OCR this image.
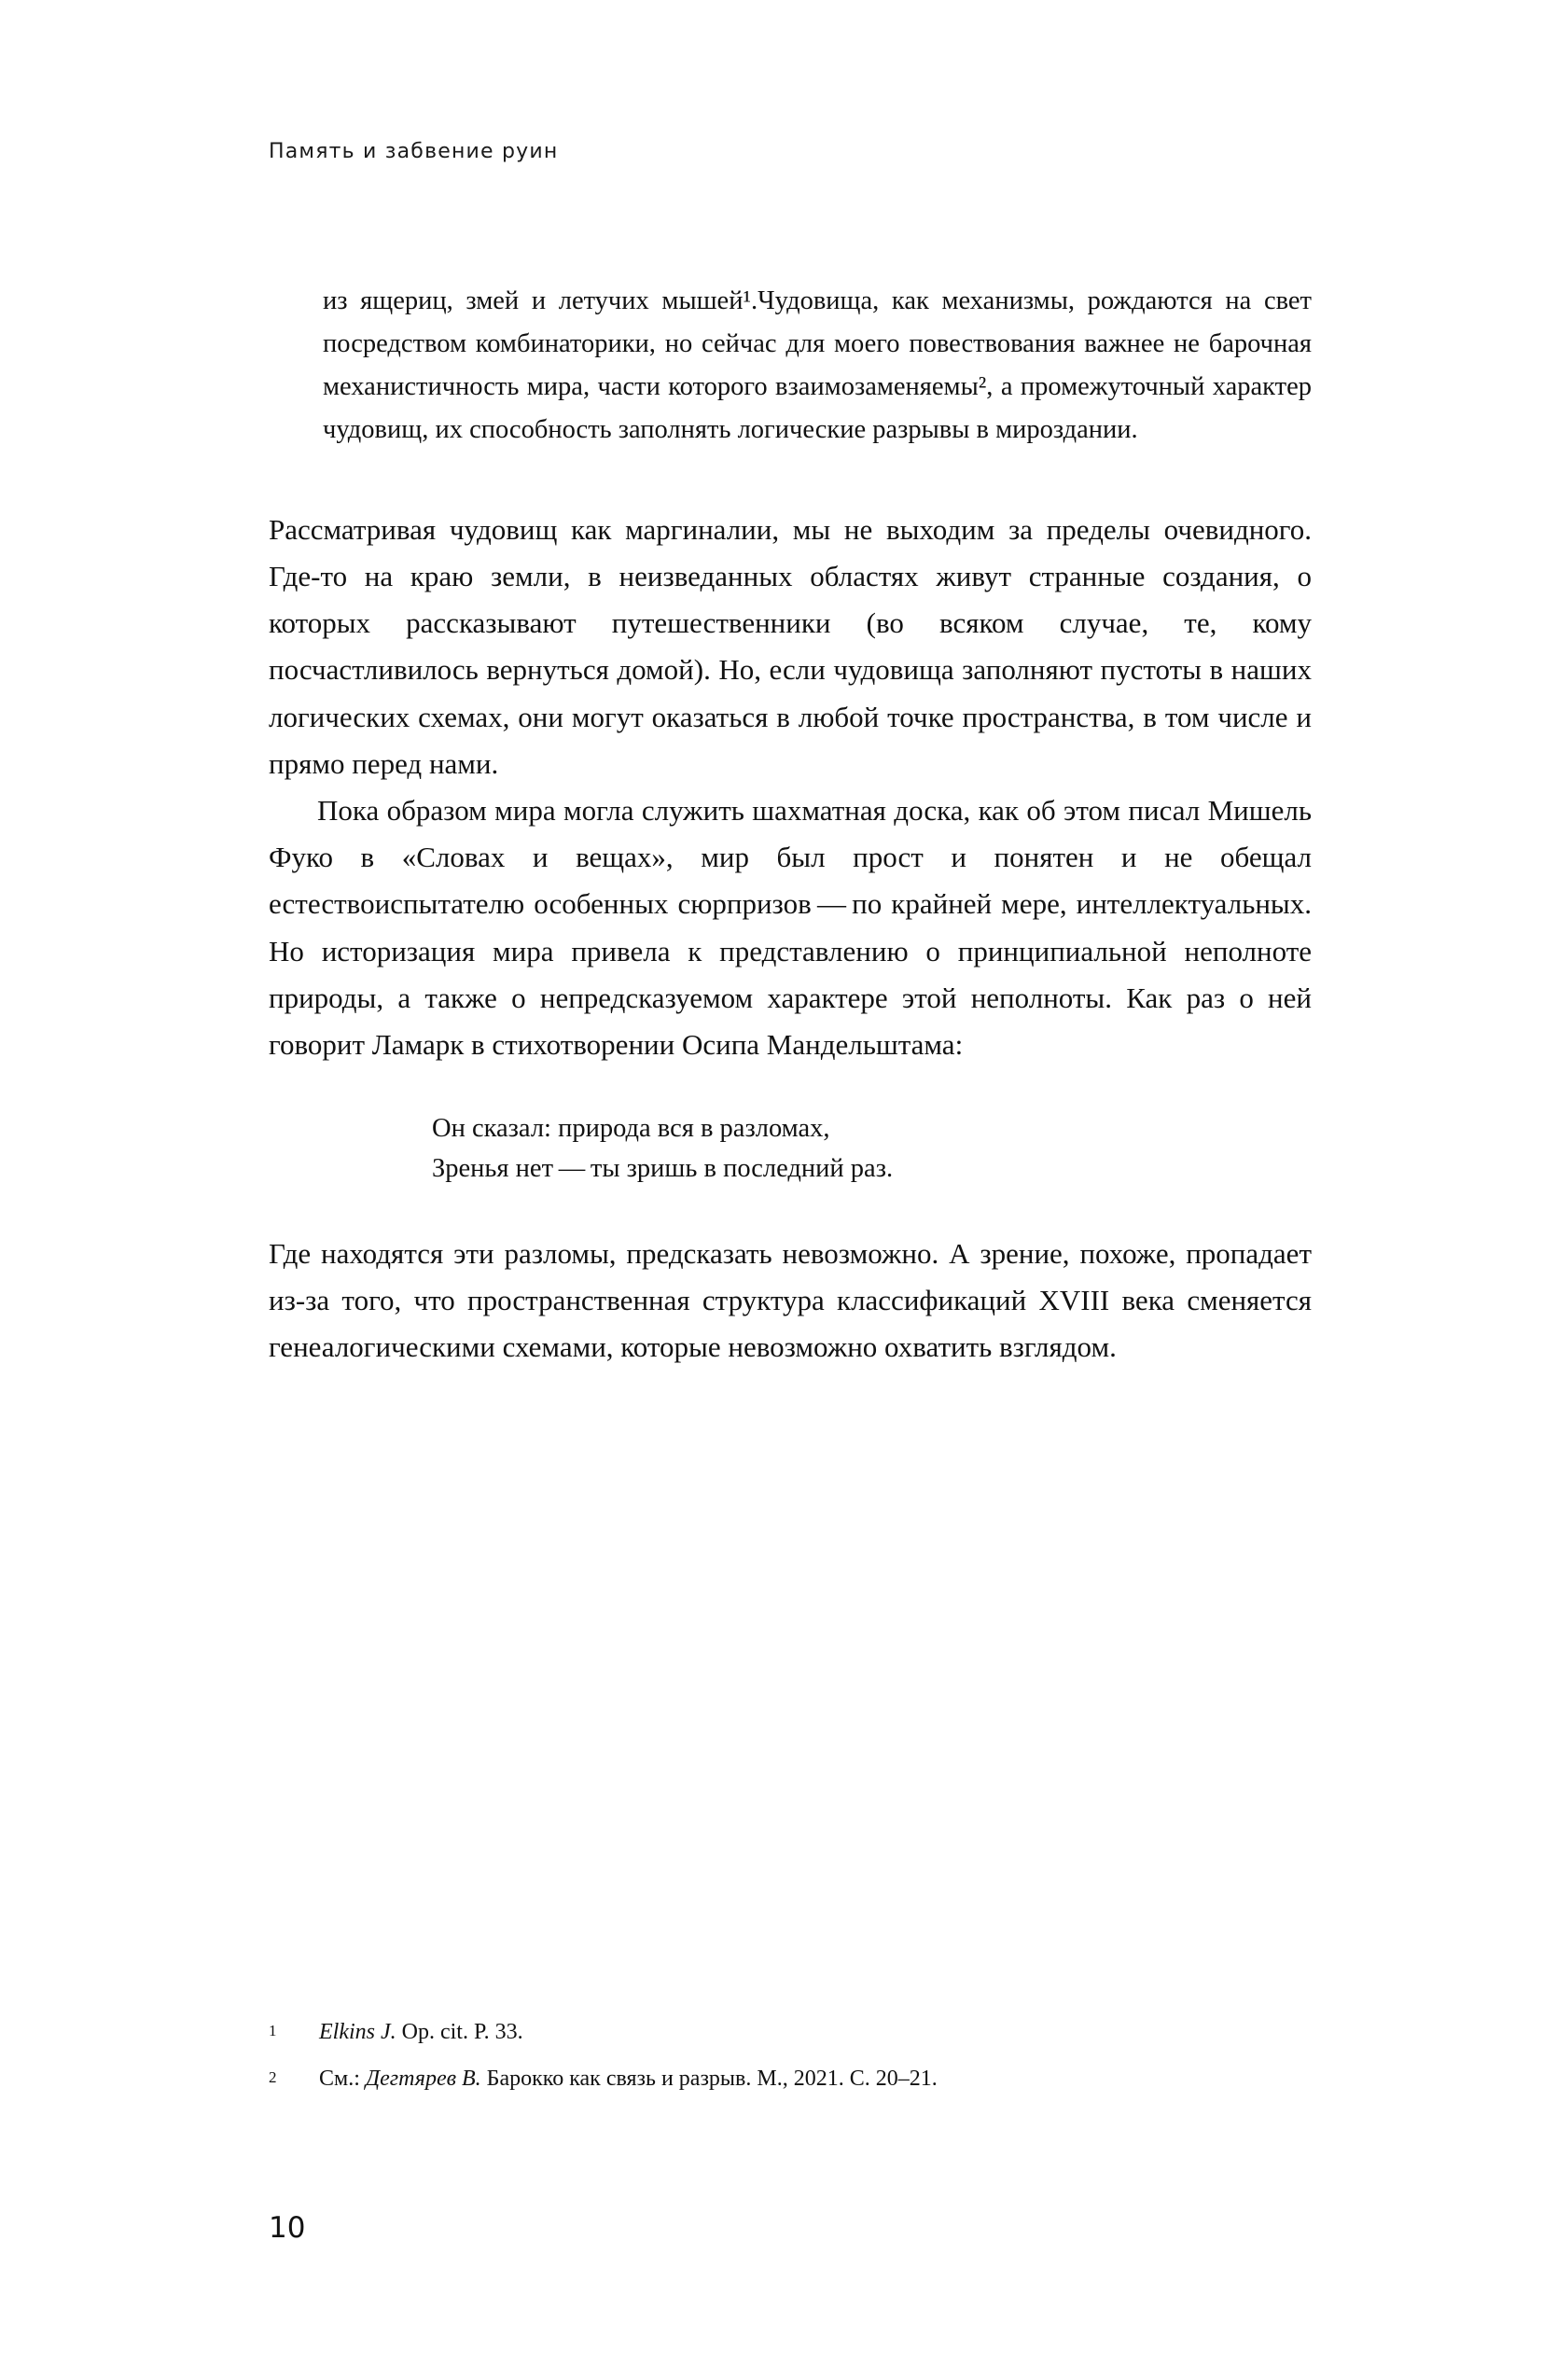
Память и забвение руин

из ящериц, змей и летучих мышей¹.Чудовища, как механизмы, рождаются на свет посредством комбинаторики, но сейчас для моего повествования важнее не барочная механистичность мира, части которого взаимозаменяемы², а промежуточный характер чудовищ, их способность заполнять логические разрывы в мироздании.

Рассматривая чудовищ как маргиналии, мы не выходим за пределы очевидного. Где-то на краю земли, в неизведанных областях живут странные создания, о которых рассказывают путешественники (во всяком случае, те, кому посчастливилось вернуться домой). Но, если чудовища заполняют пустоты в наших логических схемах, они могут оказаться в любой точке пространства, в том числе и прямо перед нами.

Пока образом мира могла служить шахматная доска, как об этом писал Мишель Фуко в «Словах и вещах», мир был прост и понятен и не обещал естествоиспытателю особенных сюрпризов — по крайней мере, интеллектуальных. Но историзация мира привела к представлению о принципиальной неполноте природы, а также о непредсказуемом характере этой неполноты. Как раз о ней говорит Ламарк в стихотворении Осипа Мандельштама:

Он сказал: природа вся в разломах,
Зренья нет — ты зришь в последний раз.

Где находятся эти разломы, предсказать невозможно. А зрение, похоже, пропадает из-за того, что пространственная структура классификаций XVIII века сменяется генеалогическими схемами, которые невозможно охватить взглядом.

1	Elkins J. Op. cit. P. 33.
2	См.: Дегтярев В. Барокко как связь и разрыв. М., 2021. С. 20–21.
10
